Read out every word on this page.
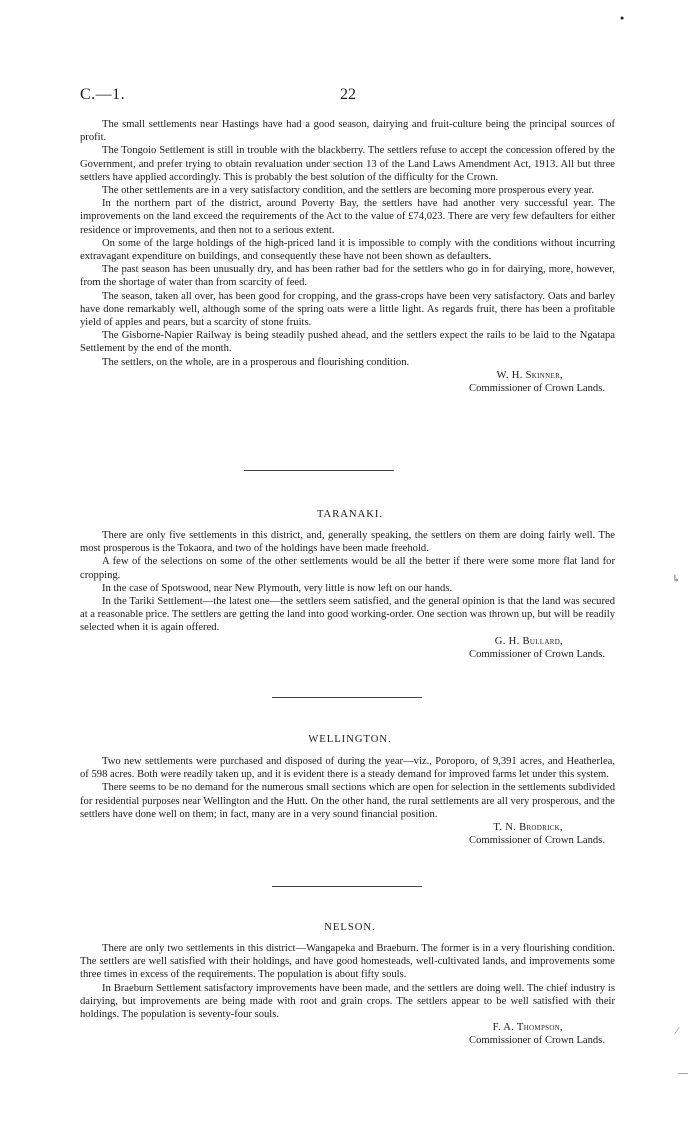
C.—1.	22

The small settlements near Hastings have had a good season, dairying and fruit-culture being the principal sources of profit.

The Tongoio Settlement is still in trouble with the blackberry. The settlers refuse to accept the concession offered by the Government, and prefer trying to obtain revaluation under section 13 of the Land Laws Amendment Act, 1913. All but three settlers have applied accordingly. This is probably the best solution of the difficulty for the Crown.

The other settlements are in a very satisfactory condition, and the settlers are becoming more prosperous every year.

In the northern part of the district, around Poverty Bay, the settlers have had another very successful year. The improvements on the land exceed the requirements of the Act to the value of £74,023. There are very few defaulters for either residence or improvements, and then not to a serious extent.

On some of the large holdings of the high-priced land it is impossible to comply with the conditions without incurring extravagant expenditure on buildings, and consequently these have not been shown as defaulters.

The past season has been unusually dry, and has been rather bad for the settlers who go in for dairying, more, however, from the shortage of water than from scarcity of feed.

The season, taken all over, has been good for cropping, and the grass-crops have been very satisfactory. Oats and barley have done remarkably well, although some of the spring oats were a little light. As regards fruit, there has been a profitable yield of apples and pears, but a scarcity of stone fruits.

The Gisborne-Napier Railway is being steadily pushed ahead, and the settlers expect the rails to be laid to the Ngatapa Settlement by the end of the month.

The settlers, on the whole, are in a prosperous and flourishing condition.

W. H. Skinner,
Commissioner of Crown Lands.
TARANAKI.

There are only five settlements in this district, and, generally speaking, the settlers on them are doing fairly well. The most prosperous is the Tokaora, and two of the holdings have been made freehold.

A few of the selections on some of the other settlements would be all the better if there were some more flat land for cropping.

In the case of Spotswood, near New Plymouth, very little is now left on our hands.

In the Tariki Settlement—the latest one—the settlers seem satisfied, and the general opinion is that the land was secured at a reasonable price. The settlers are getting the land into good working-order. One section was thrown up, but will be readily selected when it is again offered.

G. H. Bullard,
Commissioner of Crown Lands.
WELLINGTON.

Two new settlements were purchased and disposed of during the year—viz., Poroporo, of 9,391 acres, and Heatherlea, of 598 acres. Both were readily taken up, and it is evident there is a steady demand for improved farms let under this system.

There seems to be no demand for the numerous small sections which are open for selection in the settlements subdivided for residential purposes near Wellington and the Hutt. On the other hand, the rural settlements are all very prosperous, and the settlers have done well on them; in fact, many are in a very sound financial position.

T. N. Brodrick,
Commissioner of Crown Lands.
NELSON.

There are only two settlements in this district—Wangapeka and Braeburn. The former is in a very flourishing condition. The settlers are well satisfied with their holdings, and have good homesteads, well-cultivated lands, and improvements some three times in excess of the requirements. The population is about fifty souls.

In Braeburn Settlement satisfactory improvements have been made, and the settlers are doing well. The chief industry is dairying, but improvements are being made with root and grain crops. The settlers appear to be well satisfied with their holdings. The population is seventy-four souls.

F. A. Thompson,
Commissioner of Crown Lands.
●
↳
∕
—
